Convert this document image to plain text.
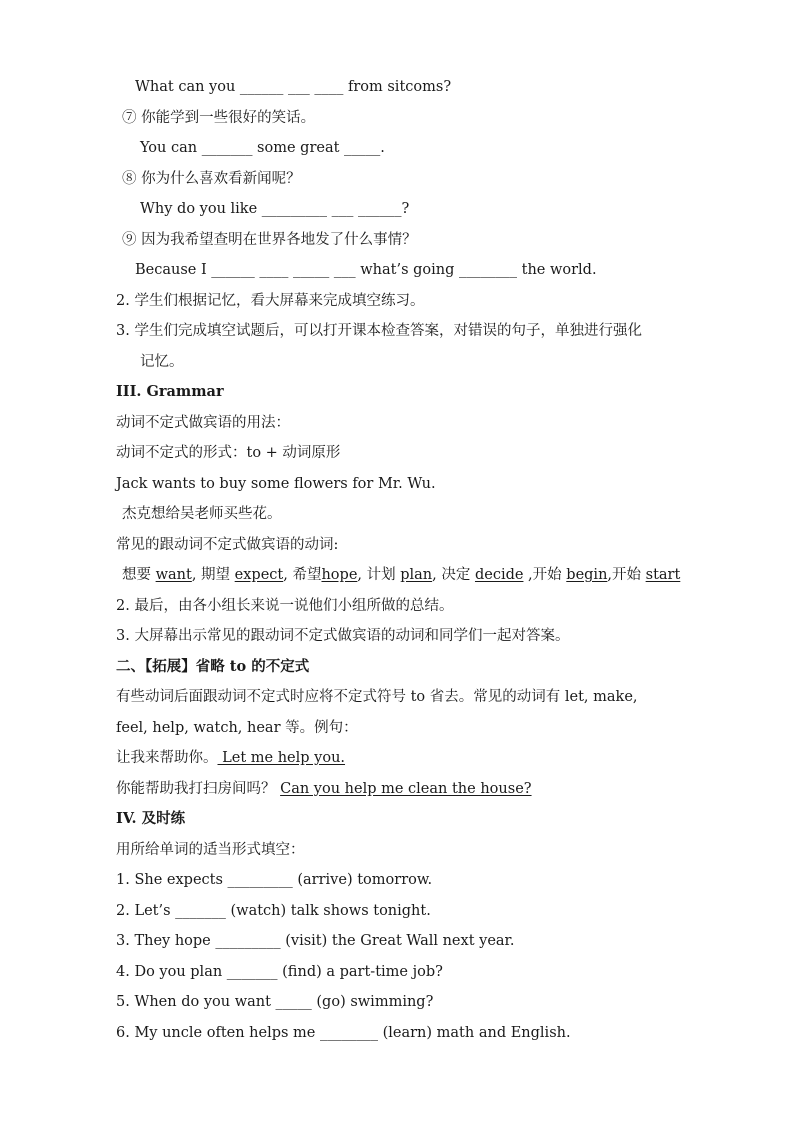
What can you ______ ___ ____ from sitcoms?
⑦ 你能学到一些很好的笑话。
You can _______ some great _____.
⑧ 你为什么喜欢看新闻呢？
Why do you like _________ ___ ______?
⑨ 因为我希望查明在世界各地发了什么事情？
Because I ______ ____ _____ ___ what’s going ________ the world.
2. 学生们根据记忆，看大屏幕来完成填空练习。
3. 学生们完成填空试题后，可以打开课本检查答案，对错误的句子，单独进行强化
记忆。
III. Grammar
动词不定式做宾语的用法：
动词不定式的形式：to + 动词原形
Jack wants to buy some flowers for Mr. Wu.
杰克想给吴老师买些花。
常见的跟动词不定式做宾语的动词:
想要 want, 期望 expect, 希望hope, 计划 plan, 决定 decide ,开始 begin,开始 start
2. 最后，由各小组长来说一说他们小组所做的总结。
3. 大屏幕出示常见的跟动词不定式做宾语的动词和同学们一起对答案。
二、【拓展】省略 to 的不定式
有些动词后面跟动词不定式时应将不定式符号 to 省去。常见的动词有 let, make,
feel, help, watch, hear 等。例句：
让我来帮助你。 Let me help you.
你能帮助我打扫房间吗？ Can you help me clean the house?
IV. 及时练
用所给单词的适当形式填空：
1. She expects _________ (arrive) tomorrow.
2. Let’s _______ (watch) talk shows tonight.
3. They hope _________ (visit) the Great Wall next year.
4. Do you plan _______ (find) a part-time job?
5. When do you want _____ (go) swimming?
6. My uncle often helps me ________ (learn) math and English.
